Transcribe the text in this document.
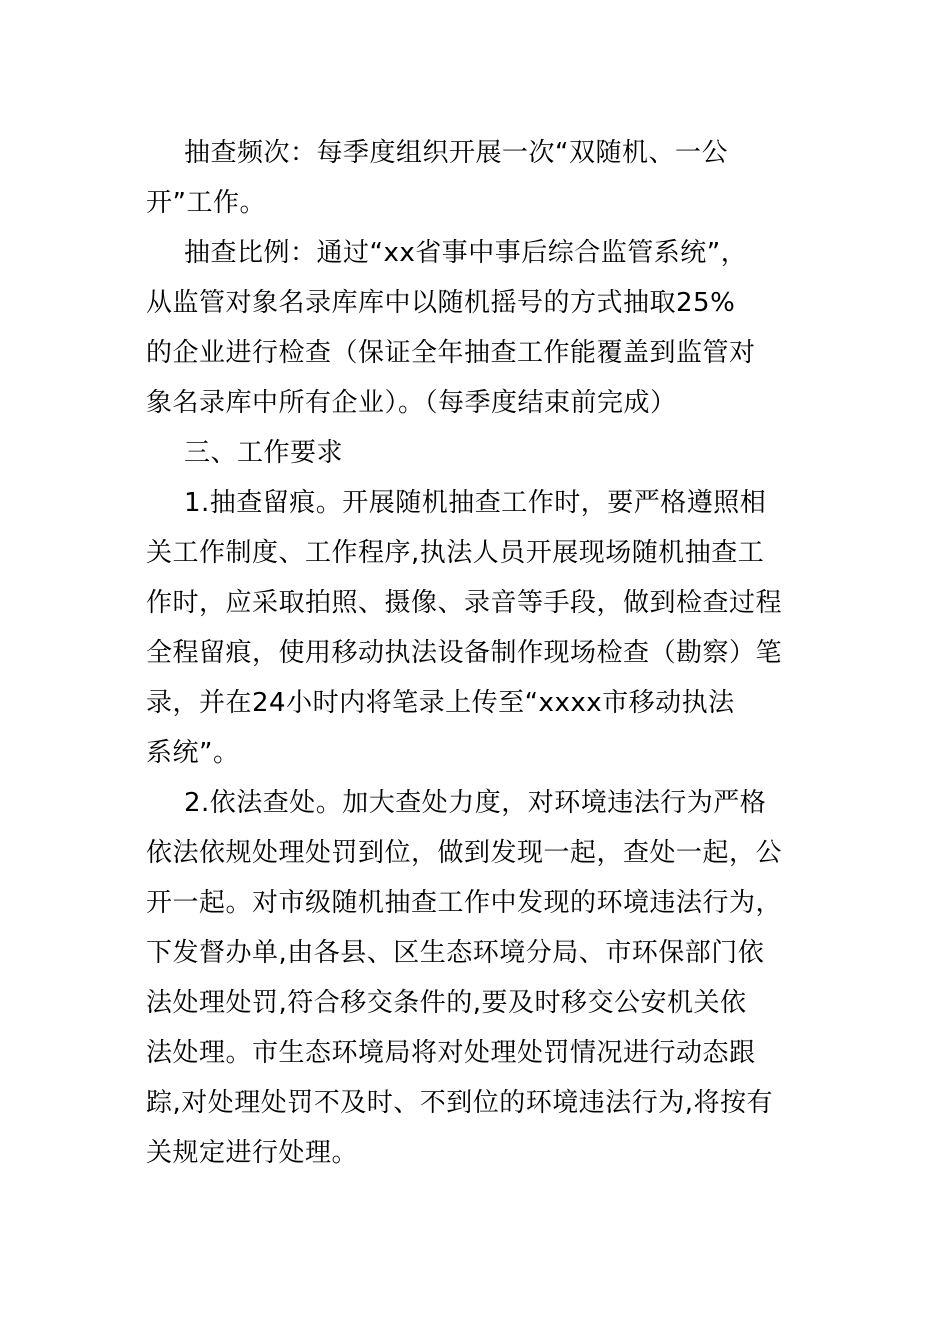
抽查频次：每季度组织开展一次“双随机、一公
开”工作。

抽查比例：通过“xx省事中事后综合监管系统”，
从监管对象名录库库中以随机摇号的方式抽取25%
的企业进行检查（保证全年抽查工作能覆盖到监管对
象名录库中所有企业）。（每季度结束前完成）

三、工作要求

1.抽查留痕。开展随机抽查工作时，要严格遵照相
关工作制度、工作程序,执法人员开展现场随机抽查工
作时，应采取拍照、摄像、录音等手段，做到检查过程
全程留痕，使用移动执法设备制作现场检查（勘察）笔
录，并在24小时内将笔录上传至“xxxx市移动执法
系统”。

2.依法查处。加大查处力度，对环境违法行为严格
依法依规处理处罚到位，做到发现一起，查处一起，公
开一起。对市级随机抽查工作中发现的环境违法行为，
下发督办单,由各县、区生态环境分局、市环保部门依
法处理处罚,符合移交条件的,要及时移交公安机关依
法处理。市生态环境局将对处理处罚情况进行动态跟
踪,对处理处罚不及时、不到位的环境违法行为,将按有
关规定进行处理。
